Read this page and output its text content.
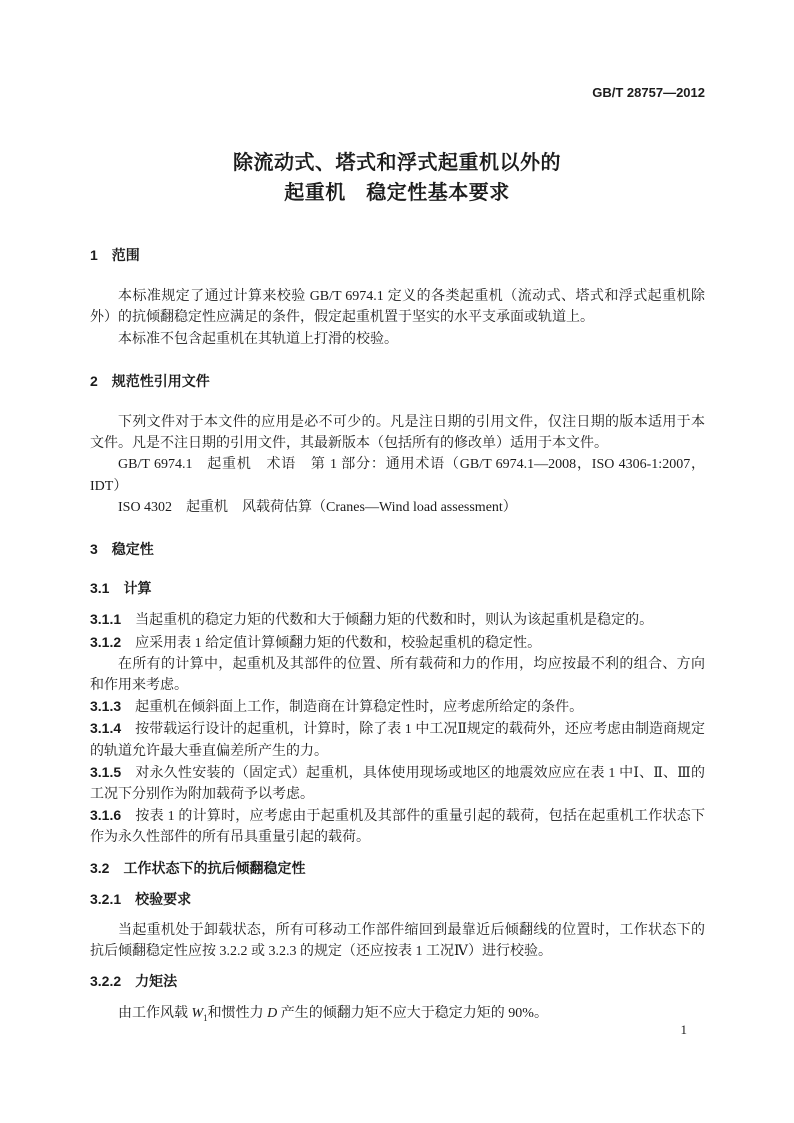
GB/T 28757—2012
除流动式、塔式和浮式起重机以外的
起重机　稳定性基本要求
1 范围

本标准规定了通过计算来校验 GB/T 6974.1 定义的各类起重机（流动式、塔式和浮式起重机除外）的抗倾翻稳定性应满足的条件，假定起重机置于坚实的水平支承面或轨道上。

本标准不包含起重机在其轨道上打滑的校验。

2 规范性引用文件

下列文件对于本文件的应用是必不可少的。凡是注日期的引用文件，仅注日期的版本适用于本文件。凡是不注日期的引用文件，其最新版本（包括所有的修改单）适用于本文件。

GB/T 6974.1 起重机　术语　第 1 部分：通用术语（GB/T 6974.1—2008，ISO 4306-1:2007，IDT）

ISO 4302 起重机　风载荷估算（Cranes—Wind load assessment）

3 稳定性
3.1 计算

3.1.1 当起重机的稳定力矩的代数和大于倾翻力矩的代数和时，则认为该起重机是稳定的。

3.1.2 应采用表 1 给定值计算倾翻力矩的代数和，校验起重机的稳定性。

在所有的计算中，起重机及其部件的位置、所有载荷和力的作用，均应按最不利的组合、方向和作用来考虑。

3.1.3 起重机在倾斜面上工作，制造商在计算稳定性时，应考虑所给定的条件。

3.1.4 按带载运行设计的起重机，计算时，除了表 1 中工况Ⅱ规定的载荷外，还应考虑由制造商规定的轨道允许最大垂直偏差所产生的力。

3.1.5 对永久性安装的（固定式）起重机，具体使用现场或地区的地震效应应在表 1 中Ⅰ、Ⅱ、Ⅲ的工况下分别作为附加载荷予以考虑。

3.1.6 按表 1 的计算时，应考虑由于起重机及其部件的重量引起的载荷，包括在起重机工作状态下作为永久性部件的所有吊具重量引起的载荷。

3.2 工作状态下的抗后倾翻稳定性
3.2.1 校验要求

当起重机处于卸载状态，所有可移动工作部件缩回到最靠近后倾翻线的位置时，工作状态下的抗后倾翻稳定性应按 3.2.2 或 3.2.3 的规定（还应按表 1 工况Ⅳ）进行校验。

3.2.2 力矩法

由工作风载 $W_1$和惯性力 D 产生的倾翻力矩不应大于稳定力矩的 90%。

1
